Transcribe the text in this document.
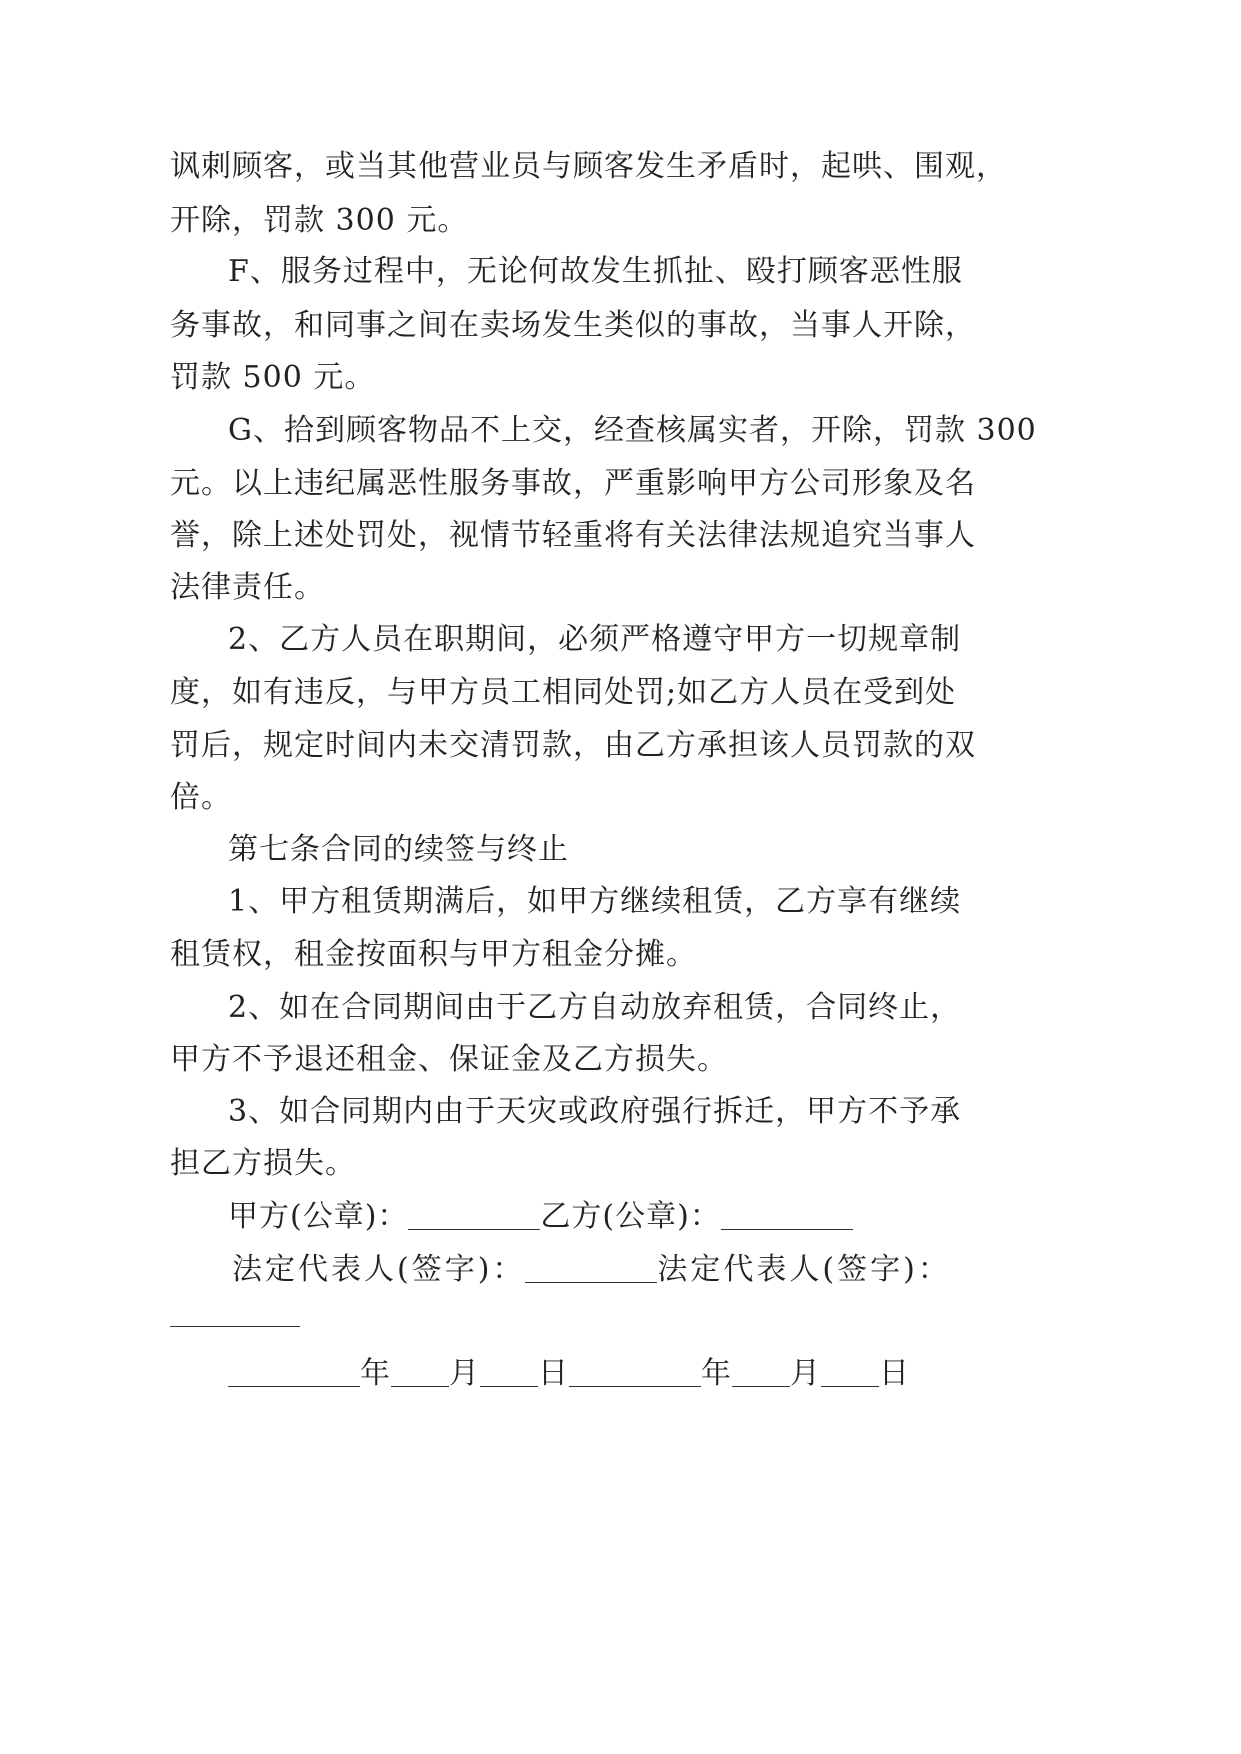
讽刺顾客，或当其他营业员与顾客发生矛盾时，起哄、围观，
开除，罚款 300 元。
F、服务过程中，无论何故发生抓扯、殴打顾客恶性服
务事故，和同事之间在卖场发生类似的事故，当事人开除，
罚款 500 元。
G、拾到顾客物品不上交，经查核属实者，开除，罚款 300
元。以上违纪属恶性服务事故，严重影响甲方公司形象及名
誉，除上述处罚处，视情节轻重将有关法律法规追究当事人
法律责任。
2、乙方人员在职期间，必须严格遵守甲方一切规章制
度，如有违反，与甲方员工相同处罚;如乙方人员在受到处
罚后，规定时间内未交清罚款，由乙方承担该人员罚款的双
倍。
第七条合同的续签与终止
1、甲方租赁期满后，如甲方继续租赁，乙方享有继续
租赁权，租金按面积与甲方租金分摊。
2、如在合同期间由于乙方自动放弃租赁，合同终止，
甲方不予退还租金、保证金及乙方损失。
3、如合同期内由于天灾或政府强行拆迁，甲方不予承
担乙方损失。
甲方(公章)：	乙方(公章)：
法定代表人(签字)：	法定代表人(签字)：
年 月 日	年 月 日
